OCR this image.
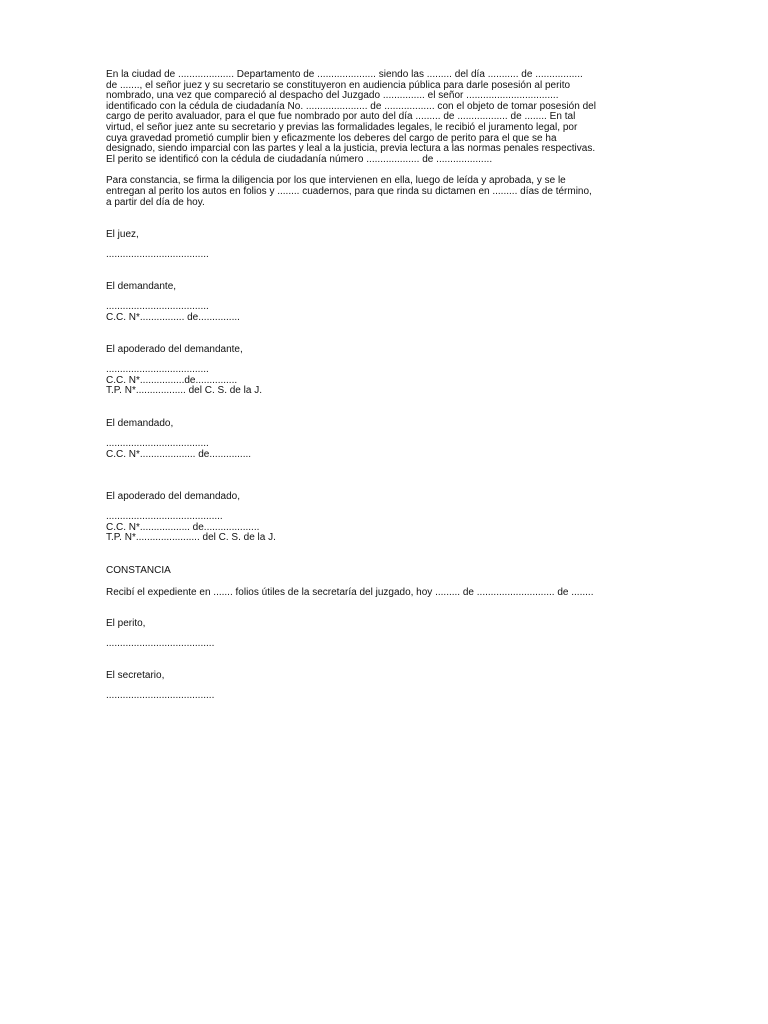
En la ciudad de .................... Departamento de ..................... siendo las ......... del día ........... de .................
de ......., el señor juez y su secretario se constituyeron en audiencia pública para darle posesión al perito
nombrado, una vez que compareció al despacho del Juzgado ............... el señor .................................
identificado con la cédula de ciudadanía No. ...................... de .................. con el objeto de tomar posesión del
cargo de perito avaluador, para el que fue nombrado por auto del día ......... de .................. de ........ En tal
virtud, el señor juez ante su secretario y previas las formalidades legales, le recibió el juramento legal, por
cuya gravedad prometió cumplir bien y eficazmente los deberes del cargo de perito para el que se ha
designado, siendo imparcial con las partes y leal a la justicia, previa lectura a las normas penales respectivas.
El perito se identificó con la cédula de ciudadanía número ................... de ....................

Para constancia, se firma la diligencia por los que intervienen en ella, luego de leída y aprobada, y se le
entregan al perito los autos en folios y ........ cuadernos, para que rinda su dictamen en ......... días de término,
a partir del día de hoy.

El juez,
.....................................
El demandante,
.....................................
C.C. N*................ de...............
El apoderado del demandante,
.....................................
C.C. N*................de...............
T.P. N*.................. del C. S. de la J.
El demandado,
.....................................
C.C. N*.................... de...............
El apoderado del demandado,
..........................................
C.C. N*.................. de....................
T.P. N*....................... del C. S. de la J.
CONSTANCIA
Recibí el expediente en ....... folios útiles de la secretaría del juzgado, hoy ......... de ............................ de ........
El perito,
.......................................
El secretario,
.......................................
